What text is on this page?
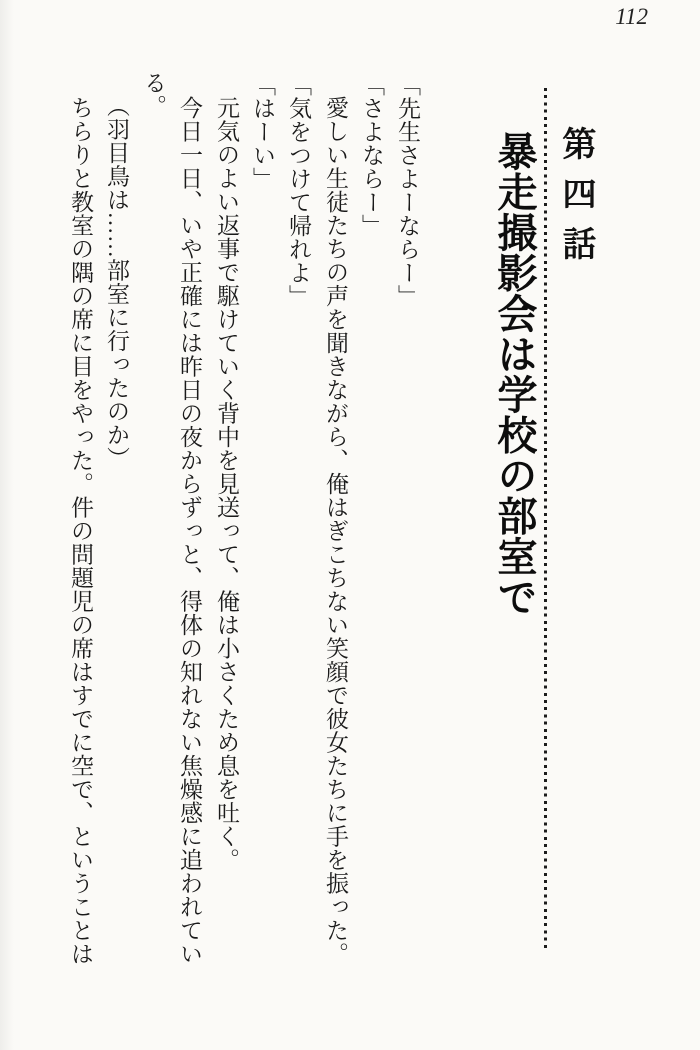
112
第四話
暴走撮影会は学校の部室で
「先生さよーならー」
「さよならー」
愛しい生徒たちの声を聞きながら、俺はぎこちない笑顔で彼女たちに手を振った。
「気をつけて帰れよ」
「はーい」
元気のよい返事で駆けていく背中を見送って、俺は小さくため息を吐く。
今日一日、いや正確には昨日の夜からずっと、得体の知れない焦燥感に追われてい
る。
（羽目鳥は……部室に行ったのか）
ちらりと教室の隅の席に目をやった。件の問題児の席はすでに空で、ということは
